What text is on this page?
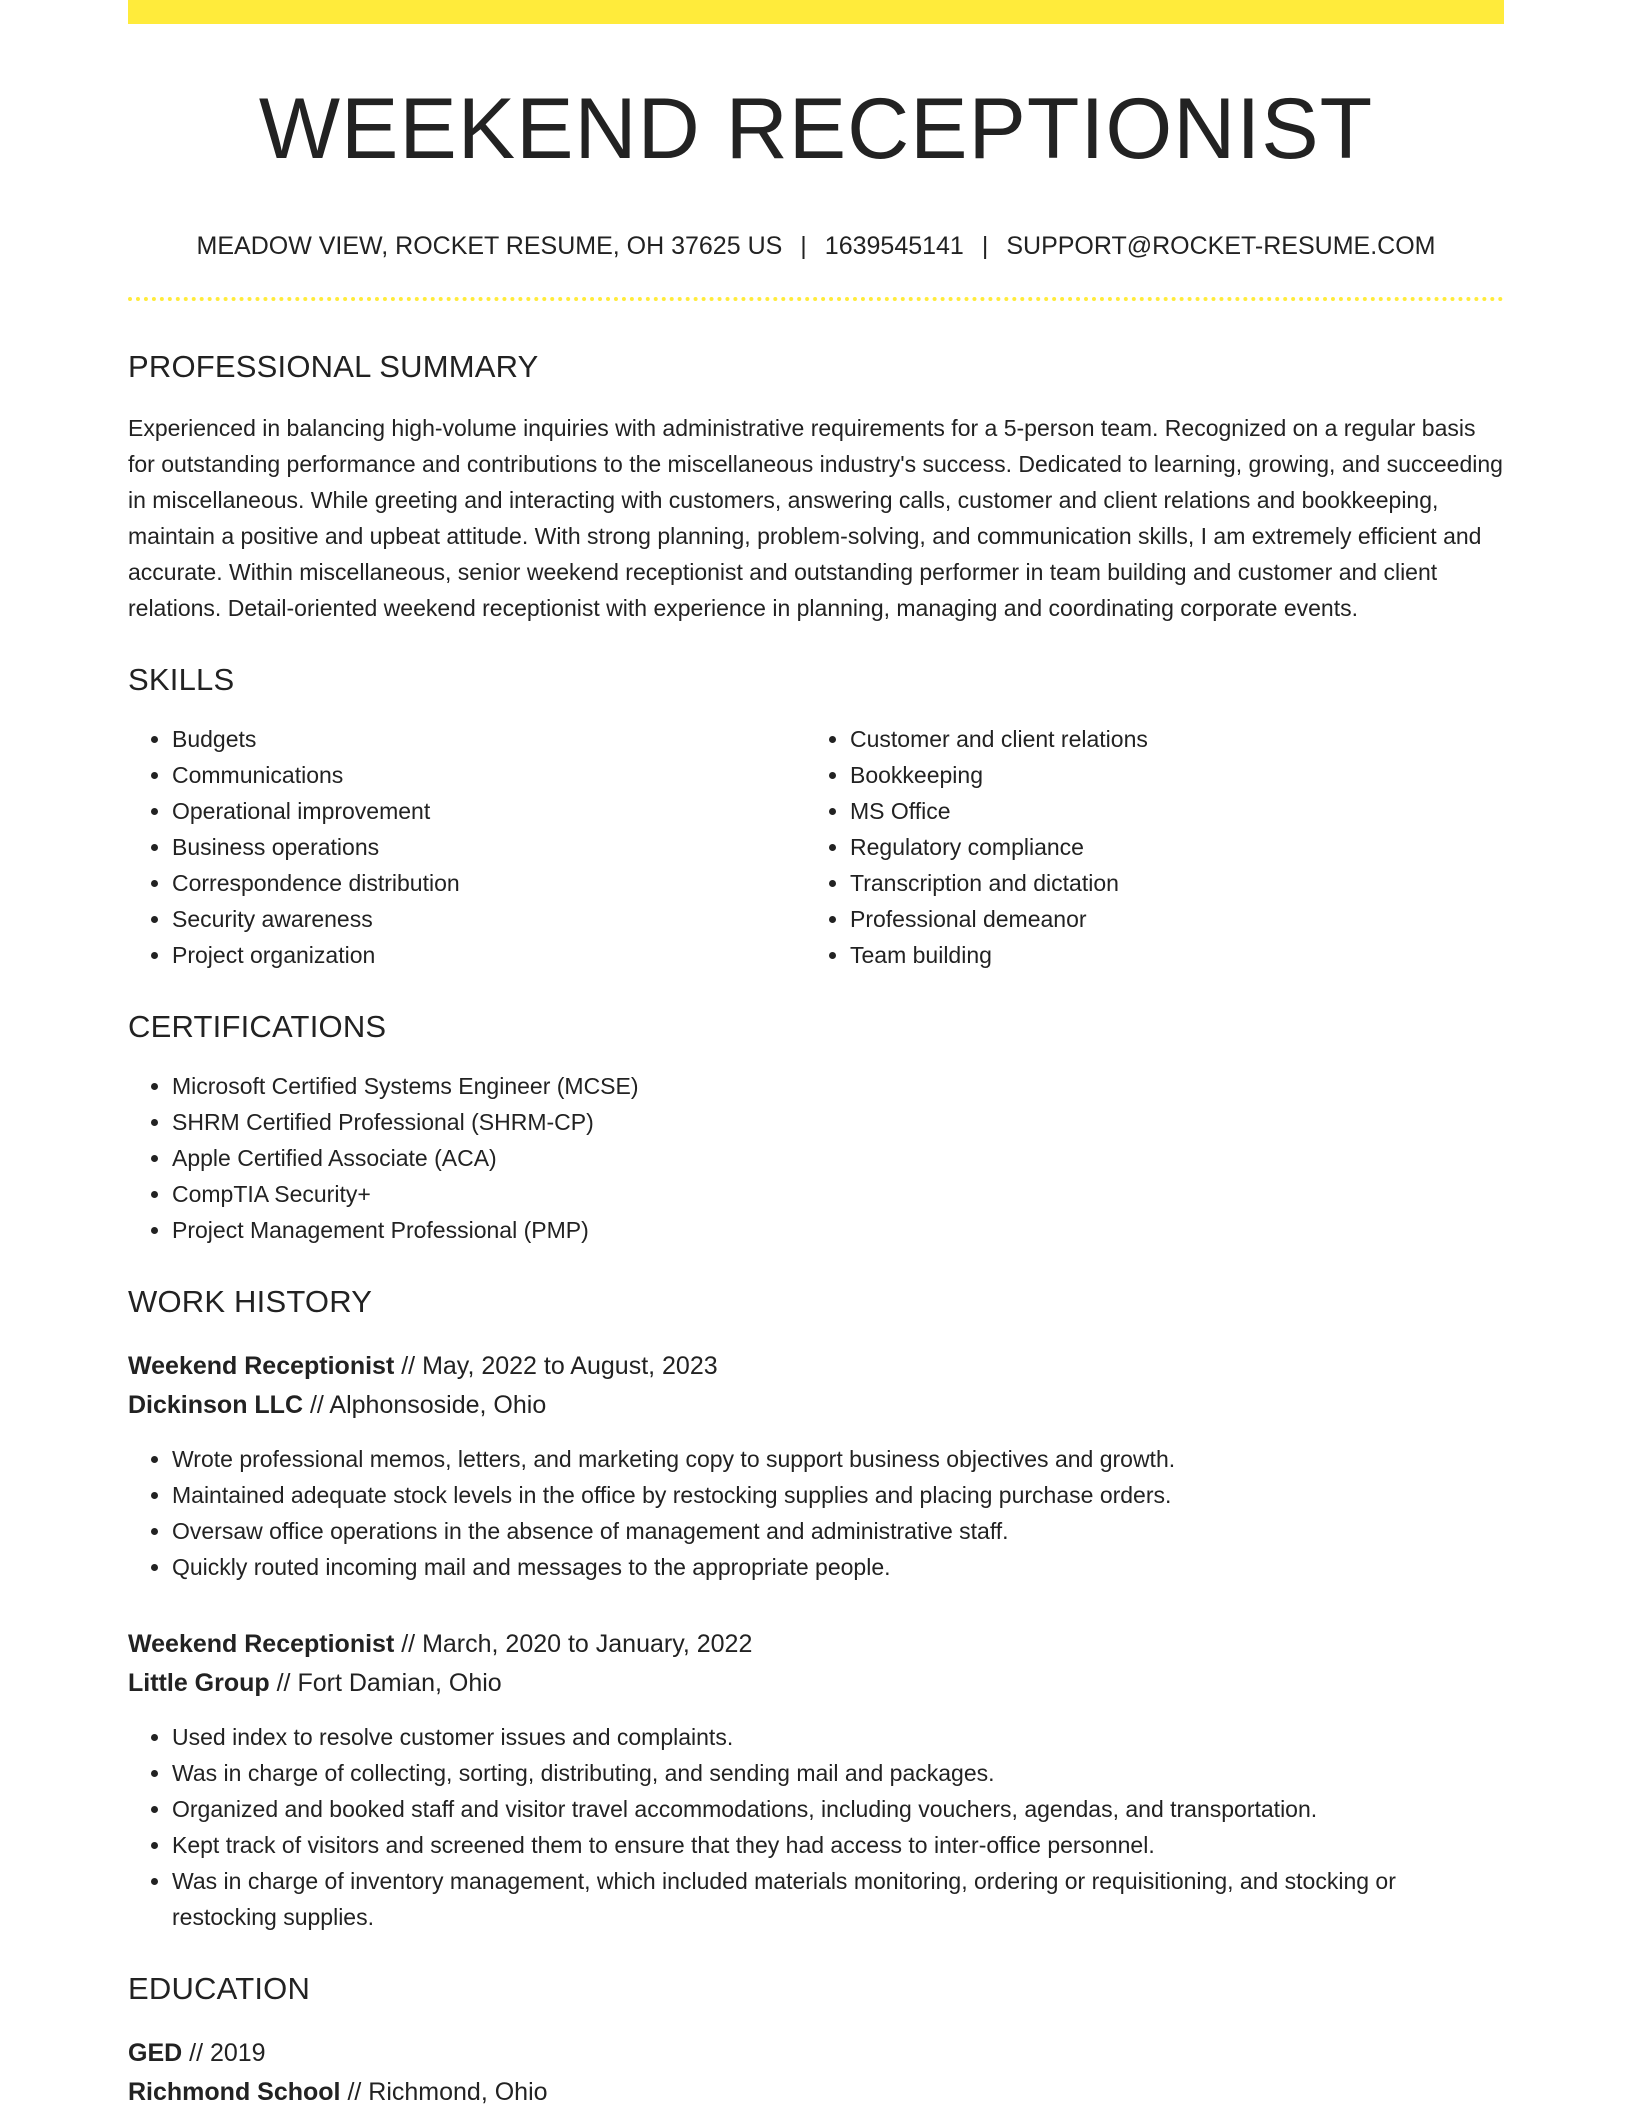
WEEKEND RECEPTIONIST
MEADOW VIEW, ROCKET RESUME, OH 37625 US | 1639545141 | SUPPORT@ROCKET-RESUME.COM
PROFESSIONAL SUMMARY
Experienced in balancing high-volume inquiries with administrative requirements for a 5-person team. Recognized on a regular basis for outstanding performance and contributions to the miscellaneous industry's success. Dedicated to learning, growing, and succeeding in miscellaneous. While greeting and interacting with customers, answering calls, customer and client relations and bookkeeping, maintain a positive and upbeat attitude. With strong planning, problem-solving, and communication skills, I am extremely efficient and accurate. Within miscellaneous, senior weekend receptionist and outstanding performer in team building and customer and client relations. Detail-oriented weekend receptionist with experience in planning, managing and coordinating corporate events.
SKILLS
• Budgets
• Communications
• Operational improvement
• Business operations
• Correspondence distribution
• Security awareness
• Project organization
• Customer and client relations
• Bookkeeping
• MS Office
• Regulatory compliance
• Transcription and dictation
• Professional demeanor
• Team building
CERTIFICATIONS
• Microsoft Certified Systems Engineer (MCSE)
• SHRM Certified Professional (SHRM-CP)
• Apple Certified Associate (ACA)
• CompTIA Security+
• Project Management Professional (PMP)
WORK HISTORY
Weekend Receptionist // May, 2022 to August, 2023
Dickinson LLC // Alphonsoside, Ohio
• Wrote professional memos, letters, and marketing copy to support business objectives and growth.
• Maintained adequate stock levels in the office by restocking supplies and placing purchase orders.
• Oversaw office operations in the absence of management and administrative staff.
• Quickly routed incoming mail and messages to the appropriate people.
Weekend Receptionist // March, 2020 to January, 2022
Little Group // Fort Damian, Ohio
• Used index to resolve customer issues and complaints.
• Was in charge of collecting, sorting, distributing, and sending mail and packages.
• Organized and booked staff and visitor travel accommodations, including vouchers, agendas, and transportation.
• Kept track of visitors and screened them to ensure that they had access to inter-office personnel.
• Was in charge of inventory management, which included materials monitoring, ordering or requisitioning, and stocking or restocking supplies.
EDUCATION
GED // 2019
Richmond School // Richmond, Ohio
